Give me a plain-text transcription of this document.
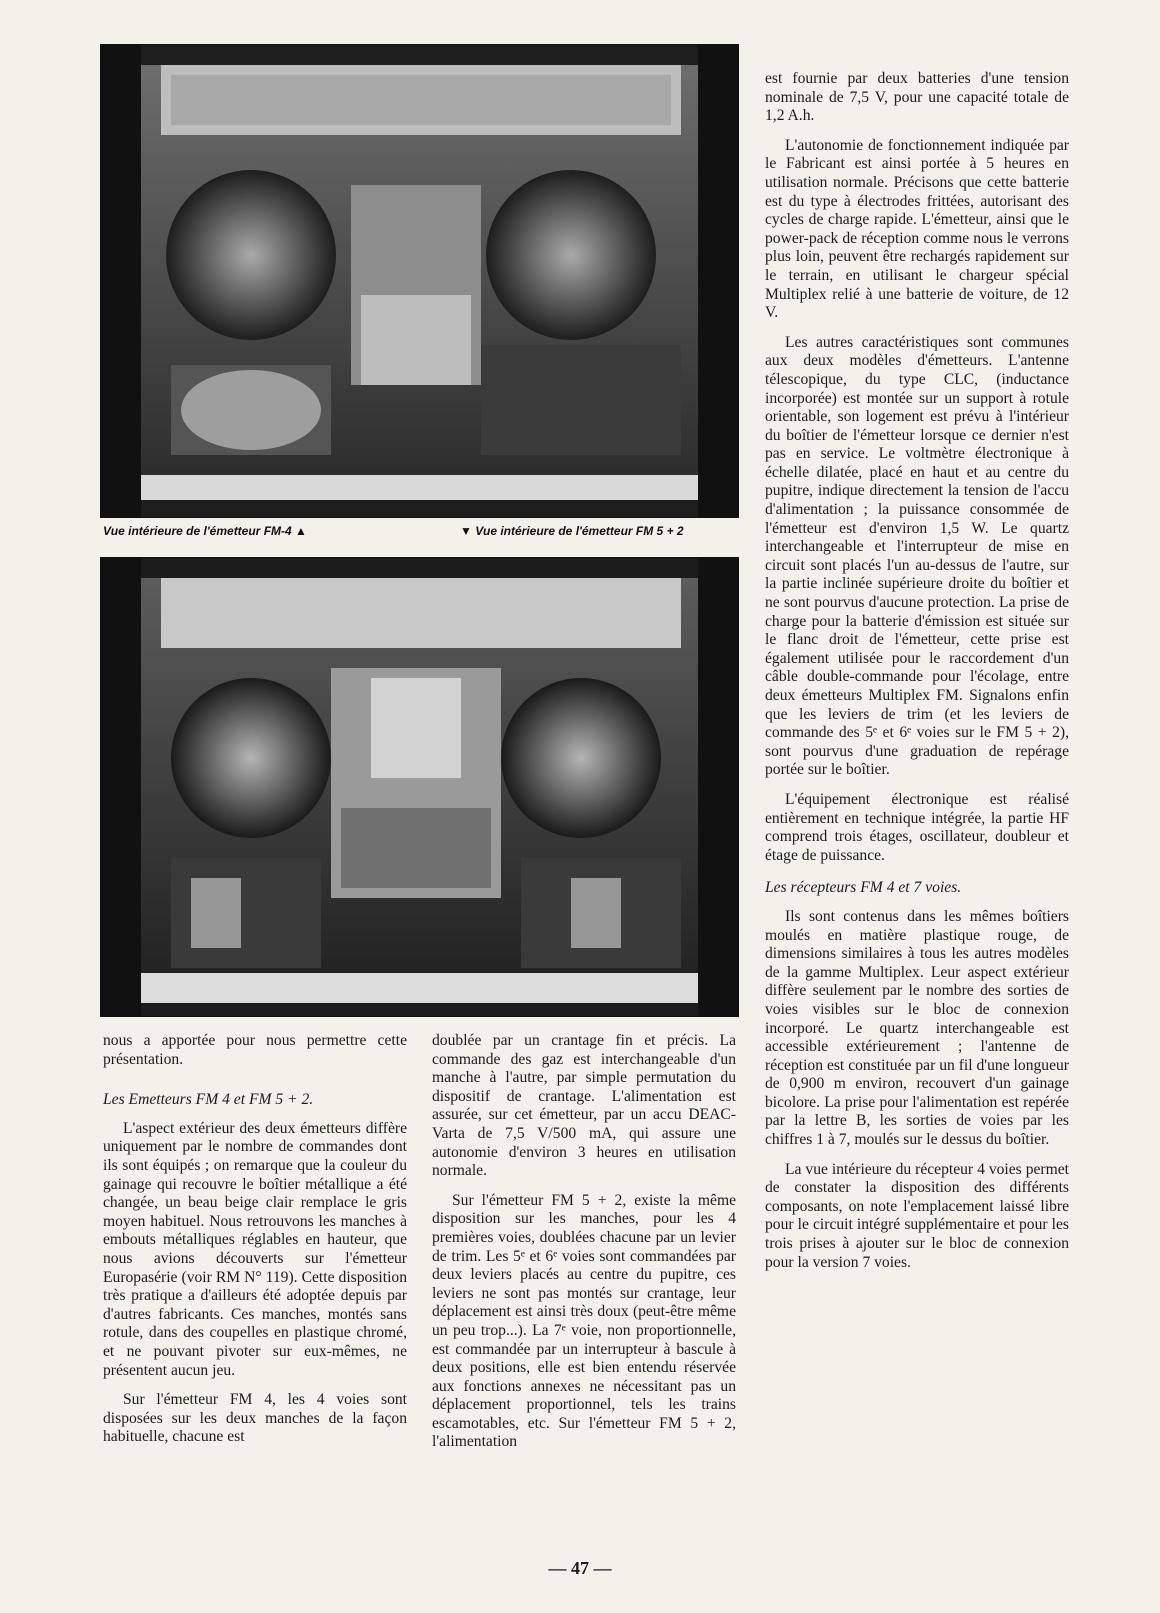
Vue intérieure de l'émetteur FM-4 ▲	▼ Vue intérieure de l'émetteur FM 5 + 2

est fournie par deux batteries d'une tension nominale de 7,5 V, pour une capacité totale de 1,2 A.h.

L'autonomie de fonctionnement indiquée par le Fabricant est ainsi portée à 5 heures en utilisation normale. Précisons que cette batterie est du type à électrodes frittées, autorisant des cycles de charge rapide. L'émetteur, ainsi que le power-pack de réception comme nous le verrons plus loin, peuvent être rechargés rapidement sur le terrain, en utilisant le chargeur spécial Multiplex relié à une batterie de voiture, de 12 V.

Les autres caractéristiques sont communes aux deux modèles d'émetteurs. L'antenne télescopique, du type CLC, (inductance incorporée) est montée sur un support à rotule orientable, son logement est prévu à l'intérieur du boîtier de l'émetteur lorsque ce dernier n'est pas en service. Le voltmètre électronique à échelle dilatée, placé en haut et au centre du pupitre, indique directement la tension de l'accu d'alimentation ; la puissance consommée de l'émetteur est d'environ 1,5 W. Le quartz interchangeable et l'interrupteur de mise en circuit sont placés l'un au-dessus de l'autre, sur la partie inclinée supérieure droite du boîtier et ne sont pourvus d'aucune protection. La prise de charge pour la batterie d'émission est située sur le flanc droit de l'émetteur, cette prise est également utilisée pour le raccordement d'un câble double-commande pour l'écolage, entre deux émetteurs Multiplex FM. Signalons enfin que les leviers de trim (et les leviers de commande des 5ᵉ et 6ᵉ voies sur le FM 5 + 2), sont pourvus d'une graduation de repérage portée sur le boîtier.

L'équipement électronique est réalisé entièrement en technique intégrée, la partie HF comprend trois étages, oscillateur, doubleur et étage de puissance.

Les récepteurs FM 4 et 7 voies.

Ils sont contenus dans les mêmes boîtiers moulés en matière plastique rouge, de dimensions similaires à tous les autres modèles de la gamme Multiplex. Leur aspect extérieur diffère seulement par le nombre des sorties de voies visibles sur le bloc de connexion incorporé. Le quartz interchangeable est accessible extérieurement ; l'antenne de réception est constituée par un fil d'une longueur de 0,900 m environ, recouvert d'un gainage bicolore. La prise pour l'alimentation est repérée par la lettre B, les sorties de voies par les chiffres 1 à 7, moulés sur le dessus du boîtier.

La vue intérieure du récepteur 4 voies permet de constater la disposition des différents composants, on note l'emplacement laissé libre pour le circuit intégré supplémentaire et pour les trois prises à ajouter sur le bloc de connexion pour la version 7 voies.

nous a apportée pour nous permettre cette présentation.

Les Emetteurs FM 4 et FM 5 + 2.

L'aspect extérieur des deux émetteurs diffère uniquement par le nombre de commandes dont ils sont équipés ; on remarque que la couleur du gainage qui recouvre le boîtier métallique a été changée, un beau beige clair remplace le gris moyen habituel. Nous retrouvons les manches à embouts métalliques réglables en hauteur, que nous avions découverts sur l'émetteur Europasérie (voir RM N° 119). Cette disposition très pratique a d'ailleurs été adoptée depuis par d'autres fabricants. Ces manches, montés sans rotule, dans des coupelles en plastique chromé, et ne pouvant pivoter sur eux-mêmes, ne présentent aucun jeu.

Sur l'émetteur FM 4, les 4 voies sont disposées sur les deux manches de la façon habituelle, chacune est

doublée par un crantage fin et précis. La commande des gaz est interchangeable d'un manche à l'autre, par simple permutation du dispositif de crantage. L'alimentation est assurée, sur cet émetteur, par un accu DEAC-Varta de 7,5 V/500 mA, qui assure une autonomie d'environ 3 heures en utilisation normale.

Sur l'émetteur FM 5 + 2, existe la même disposition sur les manches, pour les 4 premières voies, doublées chacune par un levier de trim. Les 5ᵉ et 6ᵉ voies sont commandées par deux leviers placés au centre du pupitre, ces leviers ne sont pas montés sur crantage, leur déplacement est ainsi très doux (peut-être même un peu trop...). La 7ᵉ voie, non proportionnelle, est commandée par un interrupteur à bascule à deux positions, elle est bien entendu réservée aux fonctions annexes ne nécessitant pas un déplacement proportionnel, tels les trains escamotables, etc. Sur l'émetteur FM 5 + 2, l'alimentation

— 47 —
